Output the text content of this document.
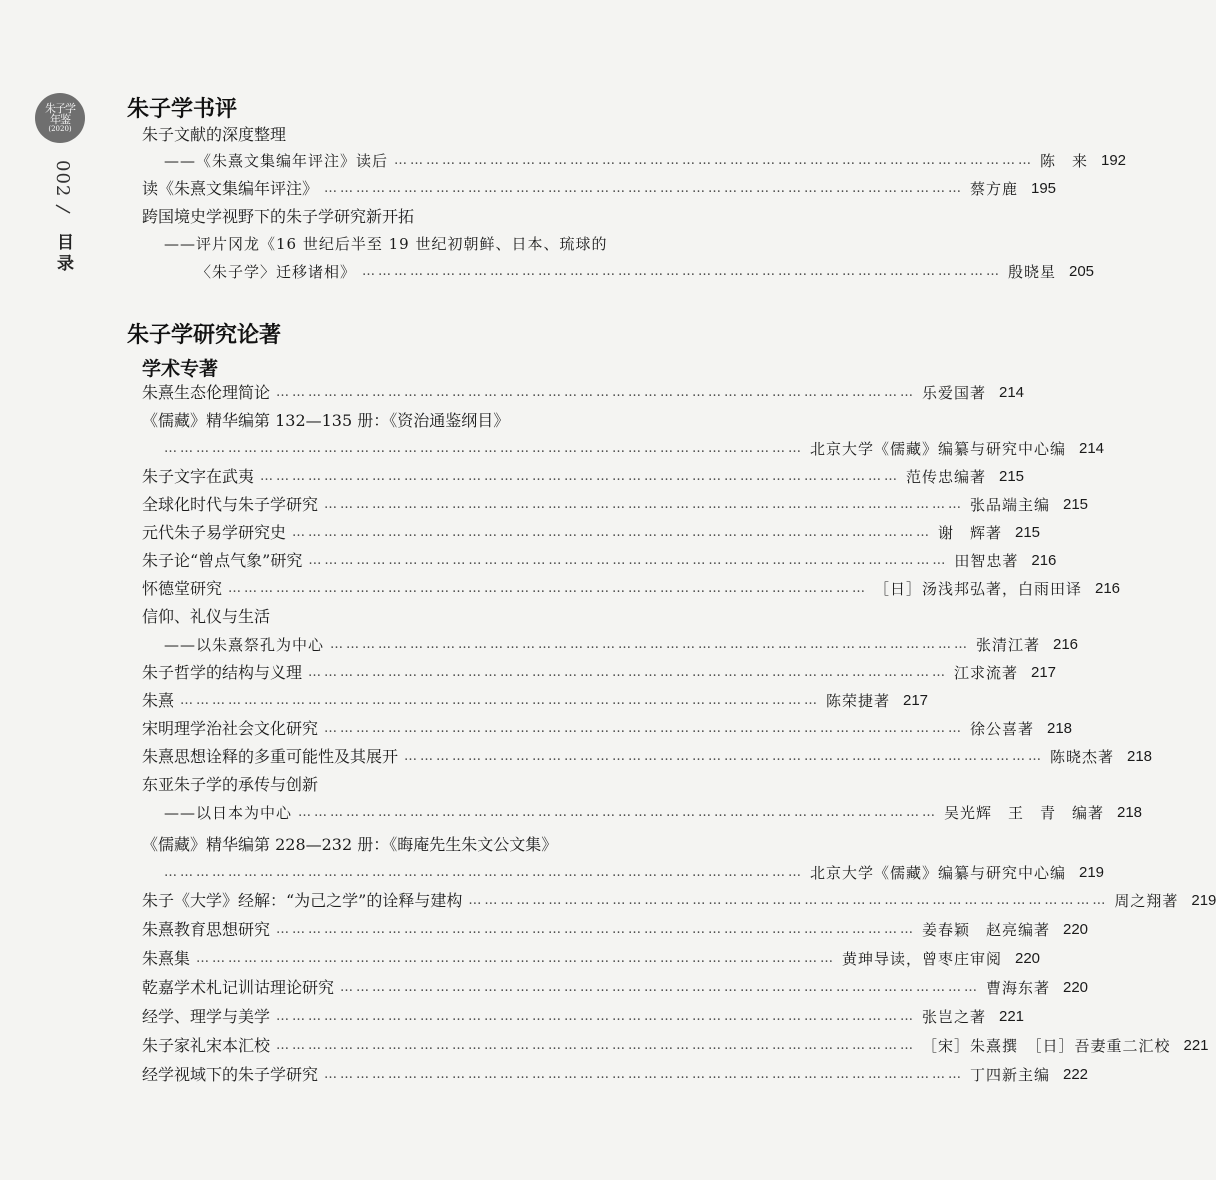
朱子学
年鉴
(2020)
002
目录
朱子学书评
朱子文献的深度整理
——《朱熹文集编年评注》读后 ………………………………………………………………………………………………………… 陈　来 192
读《朱熹文集编年评注》 ………………………………………………………………………………………………………… 蔡方鹿 195
跨国境史学视野下的朱子学研究新开拓
——评片冈龙《16 世纪后半至 19 世纪初朝鲜、日本、琉球的
〈朱子学〉迁移诸相》 ………………………………………………………………………………………………………… 殷晓星 205
朱子学研究论著
学术专著
朱熹生态伦理简论 ………………………………………………………………………………………………………… 乐爱国著 214
《儒藏》精华编第 132—135 册：《资治通鉴纲目》
………………………………………………………………………………………………………… 北京大学《儒藏》编纂与研究中心编 214
朱子文字在武夷 ………………………………………………………………………………………………………… 范传忠编著 215
全球化时代与朱子学研究 ………………………………………………………………………………………………………… 张品端主编 215
元代朱子易学研究史 ………………………………………………………………………………………………………… 谢　辉著 215
朱子论“曾点气象”研究 ………………………………………………………………………………………………………… 田智忠著 216
怀德堂研究 ………………………………………………………………………………………………………… ［日］汤浅邦弘著，白雨田译 216
信仰、礼仪与生活
——以朱熹祭孔为中心 ………………………………………………………………………………………………………… 张清江著 216
朱子哲学的结构与义理 ………………………………………………………………………………………………………… 江求流著 217
朱熹 ………………………………………………………………………………………………………… 陈荣捷著 217
宋明理学治社会文化研究 ………………………………………………………………………………………………………… 徐公喜著 218
朱熹思想诠释的多重可能性及其展开 ………………………………………………………………………………………………………… 陈晓杰著 218
东亚朱子学的承传与创新
——以日本为中心 ………………………………………………………………………………………………………… 吴光辉　王　青　编著 218
《儒藏》精华编第 228—232 册：《晦庵先生朱文公文集》
………………………………………………………………………………………………………… 北京大学《儒藏》编纂与研究中心编 219
朱子《大学》经解：“为己之学”的诠释与建构 ………………………………………………………………………………………………………… 周之翔著 219
朱熹教育思想研究 ………………………………………………………………………………………………………… 姜春颖　赵亮编著 220
朱熹集 ………………………………………………………………………………………………………… 黄珅导读，曾枣庄审阅 220
乾嘉学术札记训诂理论研究 ………………………………………………………………………………………………………… 曹海东著 220
经学、理学与美学 ………………………………………………………………………………………………………… 张岂之著 221
朱子家礼宋本汇校 ………………………………………………………………………………………………………… ［宋］朱熹撰　［日］吾妻重二汇校 221
经学视域下的朱子学研究 ………………………………………………………………………………………………………… 丁四新主编 222
